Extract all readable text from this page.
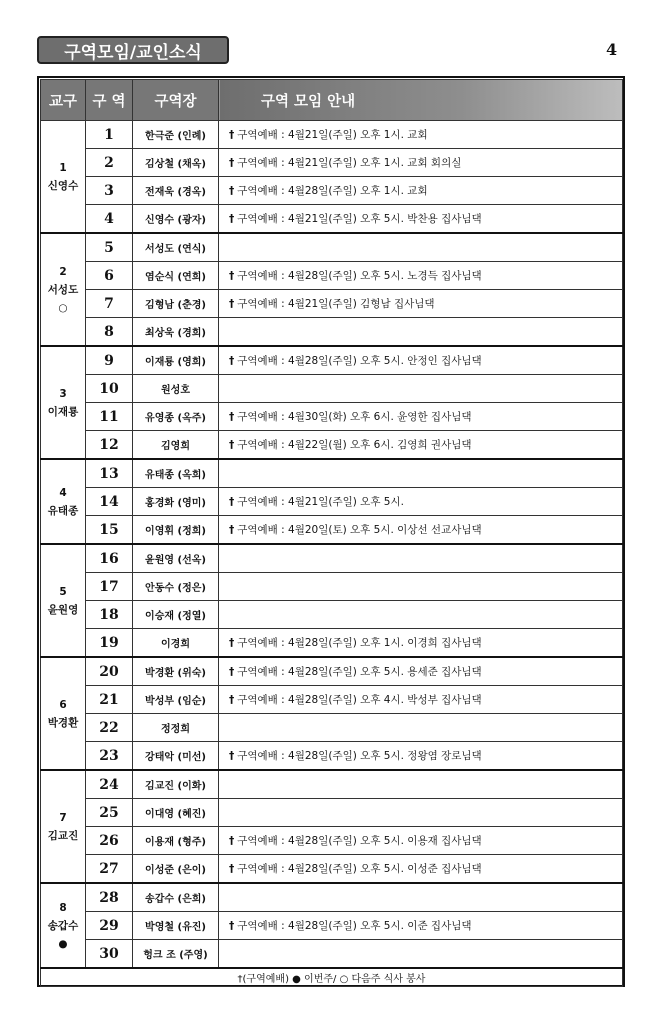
구역모임/교인소식	4
교구	구 역	구역장	구역 모임 안내

1
신영수	1	한극준 (인례)	† 구역예배 : 4월21일(주일) 오후 1시. 교회
	2	김상철 (채옥)	† 구역예배 : 4월21일(주일) 오후 1시. 교회 회의실
	3	전재욱 (경옥)	† 구역예배 : 4월28일(주일) 오후 1시. 교회
	4	신영수 (광자)	† 구역예배 : 4월21일(주일) 오후 5시. 박찬용 집사님댁

2
서성도
○	5	서성도 (연식)	
	6	염순식 (연희)	† 구역예배 : 4월28일(주일) 오후 5시. 노경득 집사님댁
	7	김형남 (춘경)	† 구역예배 : 4월21일(주일) 김형남 집사님댁
	8	최상욱 (경희)	

3
이재룡	9	이재룡 (영희)	† 구역예배 : 4월28일(주일) 오후 5시. 안정인 집사님댁
	10	원성호	
	11	유영종 (옥주)	† 구역예배 : 4월30일(화) 오후 6시. 윤영한 집사님댁
	12	김영희	† 구역예배 : 4월22일(월) 오후 6시. 김영희 권사님댁

4
유태종	13	유태종 (옥희)	
	14	홍경화 (영미)	† 구역예배 : 4월21일(주일) 오후 5시.
	15	이영휘 (정희)	† 구역예배 : 4월20일(토) 오후 5시. 이상선 선교사님댁

5
윤원영	16	윤원영 (선옥)	
	17	안동수 (정은)	
	18	이승재 (정열)	
	19	이경희	† 구역예배 : 4월28일(주일) 오후 1시. 이경희 집사님댁

6
박경환	20	박경환 (위숙)	† 구역예배 : 4월28일(주일) 오후 5시. 용세준 집사님댁
	21	박성부 (임순)	† 구역예배 : 4월28일(주일) 오후 4시. 박성부 집사님댁
	22	정정희	
	23	강태악 (미선)	† 구역예배 : 4월28일(주일) 오후 5시. 정왕염 장로님댁

7
김교진	24	김교진 (이화)	
	25	이대영 (혜진)	
	26	이용재 (형주)	† 구역예배 : 4월28일(주일) 오후 5시. 이용재 집사님댁
	27	이성준 (은이)	† 구역예배 : 4월28일(주일) 오후 5시. 이성준 집사님댁

8
송갑수
●	28	송갑수 (은희)	
	29	박영철 (유진)	† 구역예배 : 4월28일(주일) 오후 5시. 이준 집사님댁
	30	헝크 조 (주영)	
†(구역예배) ● 이번주/ ○ 다음주 식사 봉사			
